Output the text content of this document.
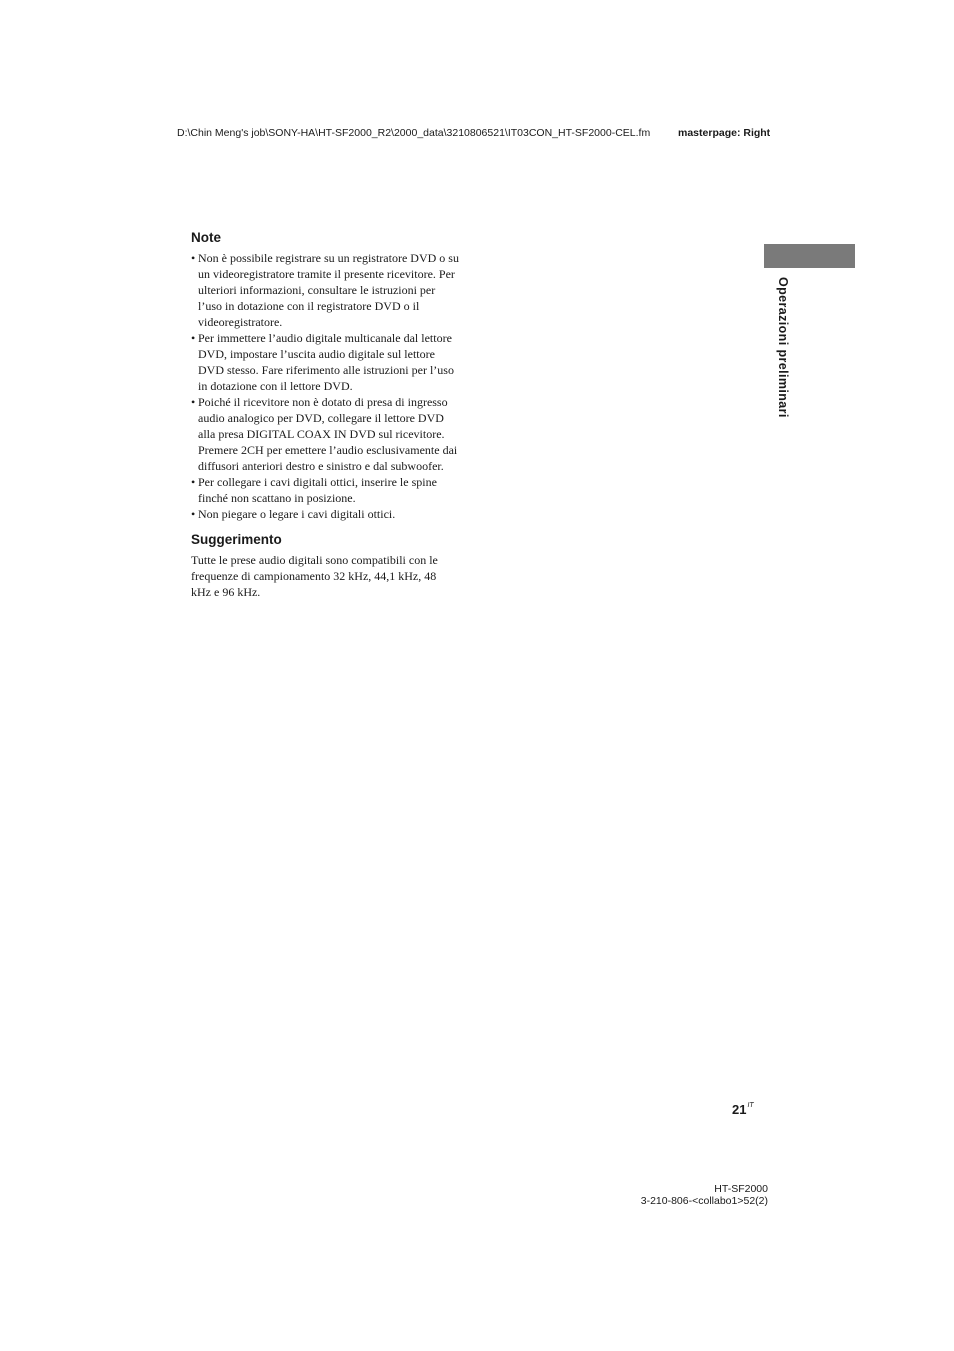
D:\Chin Meng's job\SONY-HA\HT-SF2000_R2\2000_data\3210806521\IT03CON_HT-SF2000-CEL.fm	masterpage: Right
Operazioni preliminari
Note
• Non è possibile registrare su un registratore DVD o su un videoregistratore tramite il presente ricevitore. Per ulteriori informazioni, consultare le istruzioni per l’uso in dotazione con il registratore DVD o il videoregistratore.
• Per immettere l’audio digitale multicanale dal lettore DVD, impostare l’uscita audio digitale sul lettore DVD stesso. Fare riferimento alle istruzioni per l’uso in dotazione con il lettore DVD.
• Poiché il ricevitore non è dotato di presa di ingresso audio analogico per DVD, collegare il lettore DVD alla presa DIGITAL COAX IN DVD sul ricevitore. Premere 2CH per emettere l’audio esclusivamente dai diffusori anteriori destro e sinistro e dal subwoofer.
• Per collegare i cavi digitali ottici, inserire le spine finché non scattano in posizione.
• Non piegare o legare i cavi digitali ottici.
Suggerimento

Tutte le prese audio digitali sono compatibili con le frequenze di campionamento 32 kHz, 44,1 kHz, 48 kHz e 96 kHz.

$21^{IT}$
HT-SF2000
3-210-806-<collabo1>52(2)
